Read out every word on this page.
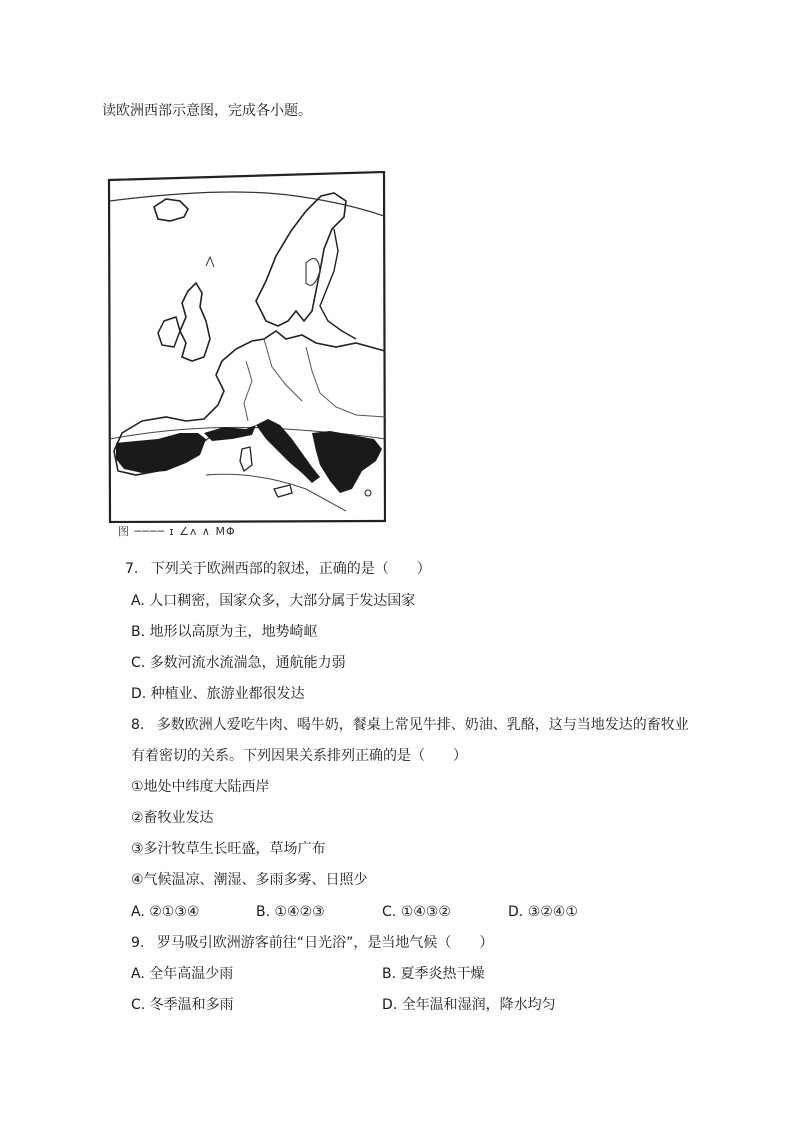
读欧洲西部示意图，完成各小题。
图 ──── ɪ ∠ʌ ∧ ΜΦ
7. 下列关于欧洲西部的叙述，正确的是（　　）
A. 人口稠密，国家众多，大部分属于发达国家
B. 地形以高原为主，地势崎岖
C. 多数河流水流湍急，通航能力弱
D. 种植业、旅游业都很发达
8. 多数欧洲人爱吃牛肉、喝牛奶，餐桌上常见牛排、奶油、乳酪，这与当地发达的畜牧业
有着密切的关系。下列因果关系排列正确的是（　　）
①地处中纬度大陆西岸
②畜牧业发达
③多汁牧草生长旺盛，草场广布
④气候温凉、潮湿、多雨多雾、日照少
A. ②①③④	B. ①④②③	C. ①④③②	D. ③②④①
9. 罗马吸引欧洲游客前往“日光浴”，是当地气候（　　）
A. 全年高温少雨	B. 夏季炎热干燥
C. 冬季温和多雨	D. 全年温和湿润，降水均匀
